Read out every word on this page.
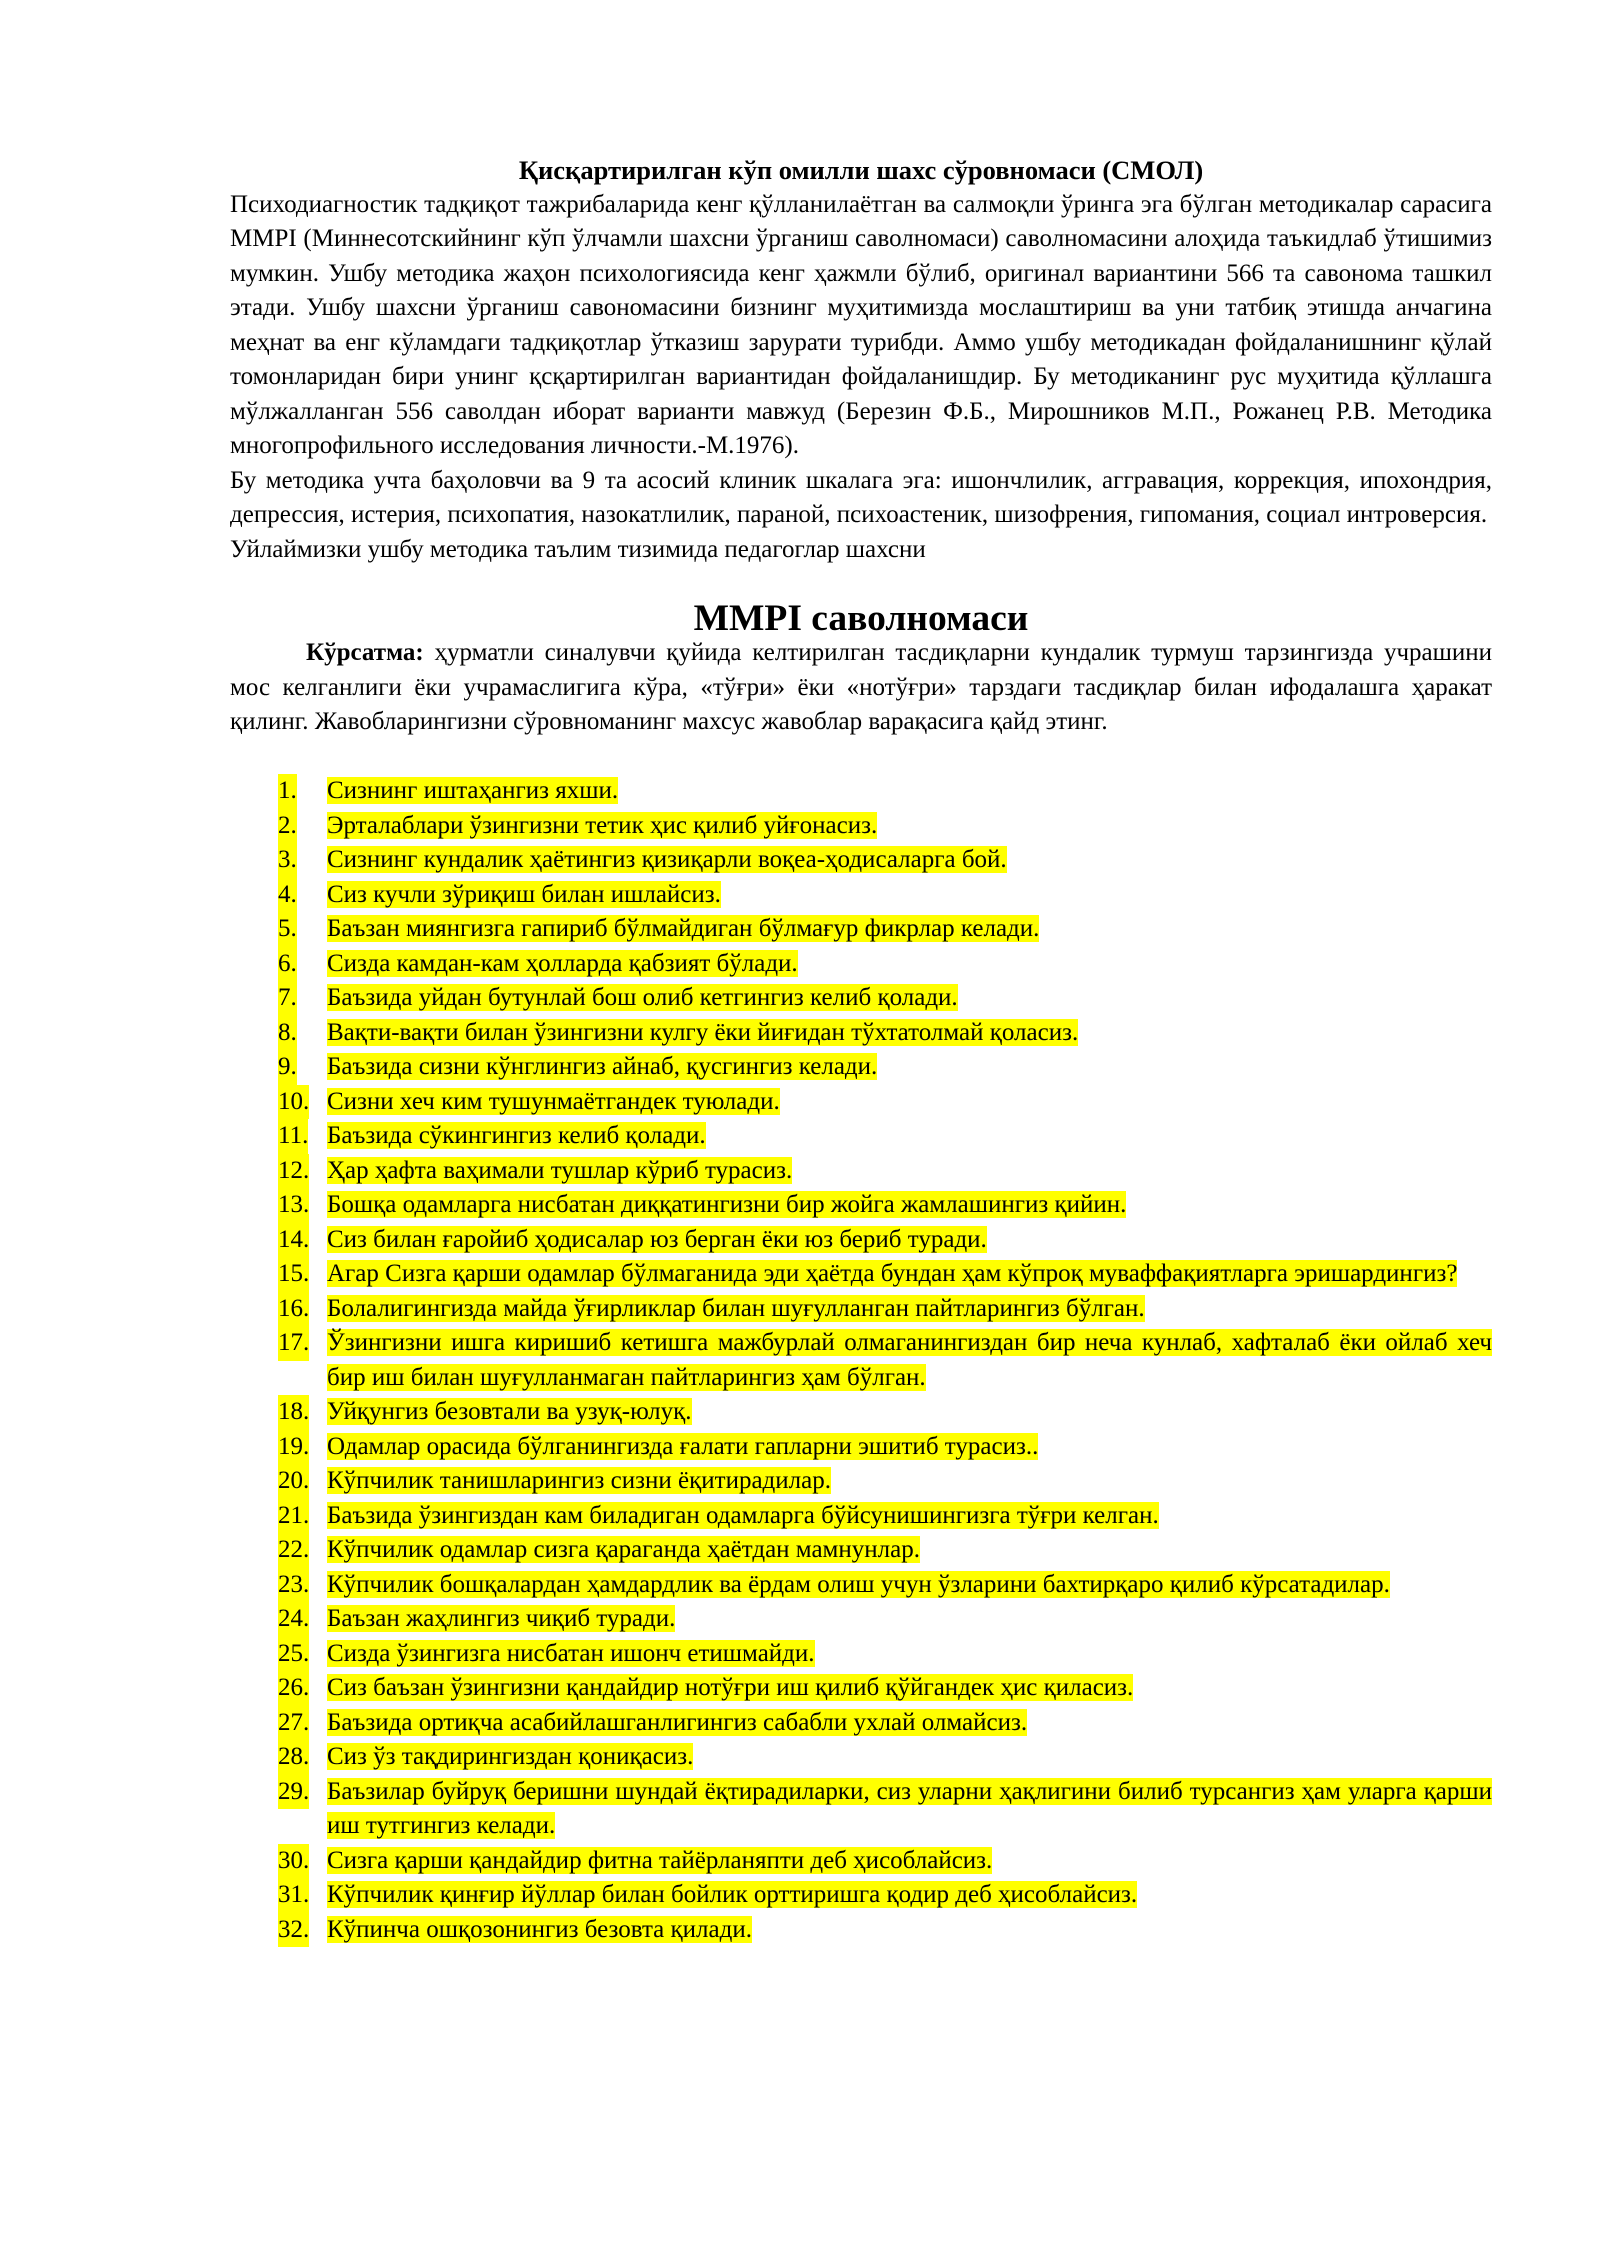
Қисқартирилган кўп омилли шахс сўровномаси (СМОЛ)

Психодиагностик тадқиқот тажрибаларида кенг қўлланилаётган ва салмоқли ўринга эга бўлган методикалар сарасига MMPI (Миннесотскийнинг кўп ўлчамли шахсни ўрганиш саволномаси) саволномасини алоҳида таъкидлаб ўтишимиз мумкин. Ушбу методика жаҳон психологиясида кенг ҳажмли бўлиб, оригинал вариантини 566 та савонома ташкил этади. Ушбу шахсни ўрганиш савономасини бизнинг муҳитимизда мослаштириш ва уни татбиқ этишда анчагина меҳнат ва енг кўламдаги тадқиқотлар ўтказиш зарурати турибди. Аммо ушбу методикадан фойдаланишнинг қўлай томонларидан бири унинг қсқартирилган вариантидан фойдаланишдир. Бу методиканинг рус муҳитида қўллашга мўлжалланган 556 саволдан иборат варианти мавжуд (Березин Ф.Б., Мирошников М.П., Рожанец Р.В. Методика многопрофильного исследования личности.-М.1976).

Бу методика учта баҳоловчи ва 9 та асосий клиник шкалага эга: ишончлилик, аггравация, коррекция, ипохондрия, депрессия, истерия, психопатия, назокатлилик, параной, психоастеник, шизофрения, гипомания, социал интроверсия.

Уйлаймизки ушбу методика таълим тизимида педагоглар шахсни

MMPI саволномаси

Кўрсатма: ҳурматли синалувчи қуйида келтирилган тасдиқларни кундалик турмуш тарзингизда учрашини мос келганлиги ёки учрамаслигига кўра, «тўғри» ёки «нотўғри» тарздаги тасдиқлар билан ифодалашга ҳаракат қилинг. Жавобларингизни сўровноманинг махсус жавоблар варақасига қайд этинг.

1. Сизнинг иштаҳангиз яхши.
2. Эрталаблари ўзингизни тетик ҳис қилиб уйғонасиз.
3. Сизнинг кундалик ҳаётингиз қизиқарли воқеа-ҳодисаларга бой.
4. Сиз кучли зўриқиш билан ишлайсиз.
5. Баъзан миянгизга гапириб бўлмайдиган бўлмағур фикрлар келади.
6. Сизда камдан-кам ҳолларда қабзият бўлади.
7. Баъзида уйдан бутунлай бош олиб кетгингиз келиб қолади.
8. Вақти-вақти билан ўзингизни кулгу ёки йиғидан тўхтатолмай қоласиз.
9. Баъзида сизни кўнглингиз айнаб, қусгингиз келади.
10. Сизни хеч ким тушунмаётгандек туюлади.
11. Баъзида сўкингингиз келиб қолади.
12. Ҳар ҳафта ваҳимали тушлар кўриб турасиз.
13. Бошқа одамларга нисбатан диққатингизни бир жойга жамлашингиз қийин.
14. Сиз билан ғаройиб ҳодисалар юз берган ёки юз бериб туради.
15. Агар Сизга қарши одамлар бўлмаганида эди ҳаётда бундан ҳам кўпроқ муваффақиятларга эришардингиз?
16. Болалигингизда майда ўғирликлар билан шуғулланган пайтларингиз бўлган.
17. Ўзингизни ишга киришиб кетишга мажбурлай олмаганингиздан бир неча кунлаб, хафталаб ёки ойлаб хеч бир иш билан шуғулланмаган пайтларингиз ҳам бўлган.
18. Уйқунгиз безовтали ва узуқ-юлуқ.
19. Одамлар орасида бўлганингизда ғалати гапларни эшитиб турасиз..
20. Кўпчилик танишларингиз сизни ёқитирадилар.
21. Баъзида ўзингиздан кам биладиган одамларга бўйсунишингизга тўғри келган.
22. Кўпчилик одамлар сизга қараганда ҳаётдан мамнунлар.
23. Кўпчилик бошқалардан ҳамдардлик ва ёрдам олиш учун ўзларини бахтирқаро қилиб кўрсатадилар.
24. Баъзан жаҳлингиз чиқиб туради.
25. Сизда ўзингизга нисбатан ишонч етишмайди.
26. Сиз баъзан ўзингизни қандайдир нотўғри иш қилиб қўйгандек ҳис қиласиз.
27. Баъзида ортиқча асабийлашганлигингиз сабабли ухлай олмайсиз.
28. Сиз ўз тақдирингиздан қониқасиз.
29. Баъзилар буйруқ беришни шундай ёқтирадиларки, сиз уларни ҳақлигини билиб турсангиз ҳам уларга қарши иш тутгингиз келади.
30. Сизга қарши қандайдир фитна тайёрланяпти деб ҳисоблайсиз.
31. Кўпчилик қинғир йўллар билан бойлик орттиришга қодир деб ҳисоблайсиз.
32. Кўпинча ошқозонингиз безовта қилади.
